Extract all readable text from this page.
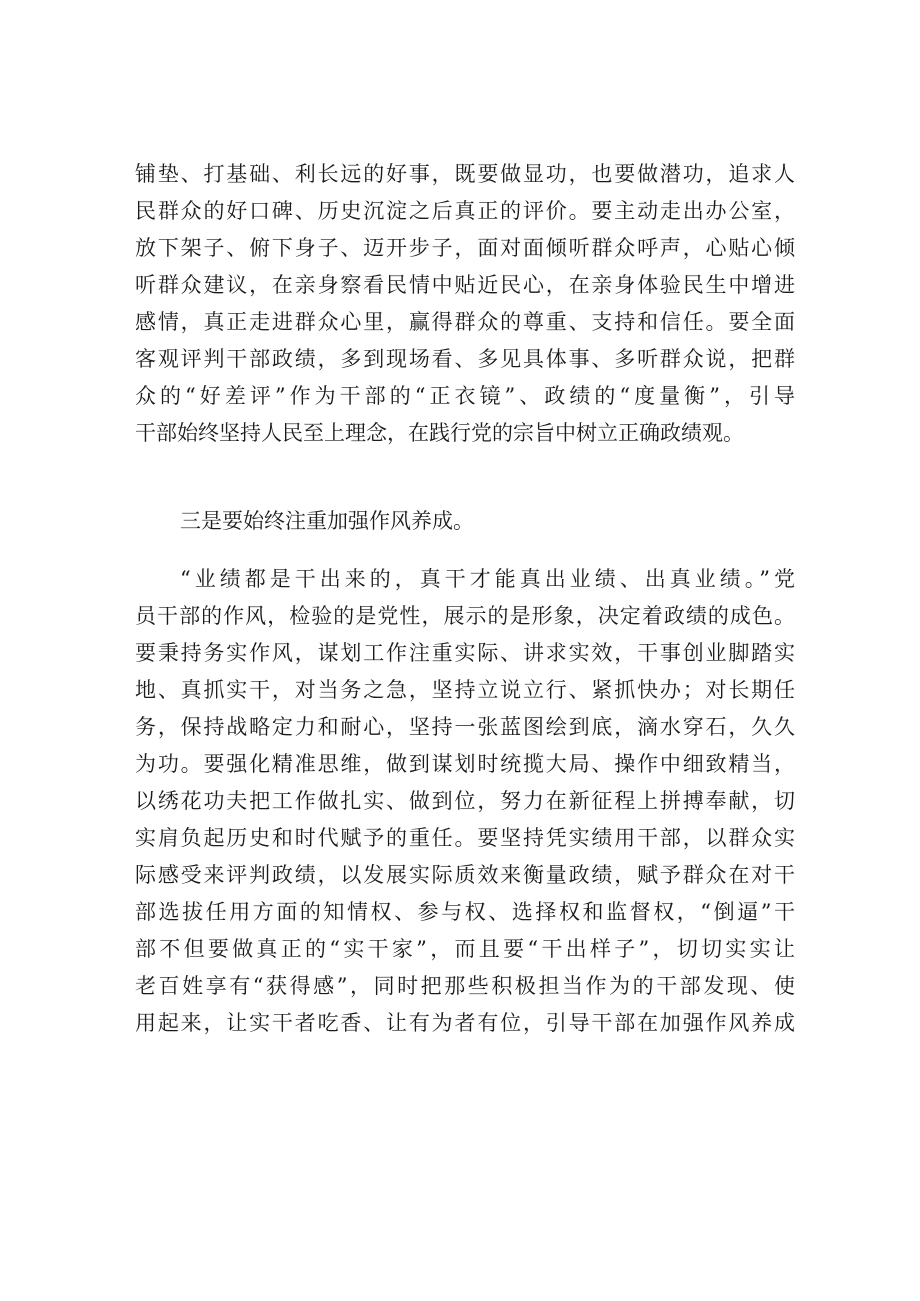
铺垫、打基础、利长远的好事，既要做显功，也要做潜功，追求人
民群众的好口碑、历史沉淀之后真正的评价。要主动走出办公室，
放下架子、俯下身子、迈开步子，面对面倾听群众呼声，心贴心倾
听群众建议，在亲身察看民情中贴近民心，在亲身体验民生中增进
感情，真正走进群众心里，赢得群众的尊重、支持和信任。要全面
客观评判干部政绩，多到现场看、多见具体事、多听群众说，把群
众的“好差评”作为干部的“正衣镜”、政绩的“度量衡”，引导
干部始终坚持人民至上理念，在践行党的宗旨中树立正确政绩观。
三是要始终注重加强作风养成。
“业绩都是干出来的，真干才能真出业绩、出真业绩。”党
员干部的作风，检验的是党性，展示的是形象，决定着政绩的成色。
要秉持务实作风，谋划工作注重实际、讲求实效，干事创业脚踏实
地、真抓实干，对当务之急，坚持立说立行、紧抓快办；对长期任
务，保持战略定力和耐心，坚持一张蓝图绘到底，滴水穿石，久久
为功。要强化精准思维，做到谋划时统揽大局、操作中细致精当，
以绣花功夫把工作做扎实、做到位，努力在新征程上拼搏奉献，切
实肩负起历史和时代赋予的重任。要坚持凭实绩用干部，以群众实
际感受来评判政绩，以发展实际质效来衡量政绩，赋予群众在对干
部选拔任用方面的知情权、参与权、选择权和监督权，“倒逼”干
部不但要做真正的“实干家”，而且要“干出样子”，切切实实让
老百姓享有“获得感”，同时把那些积极担当作为的干部发现、使
用起来，让实干者吃香、让有为者有位，引导干部在加强作风养成
